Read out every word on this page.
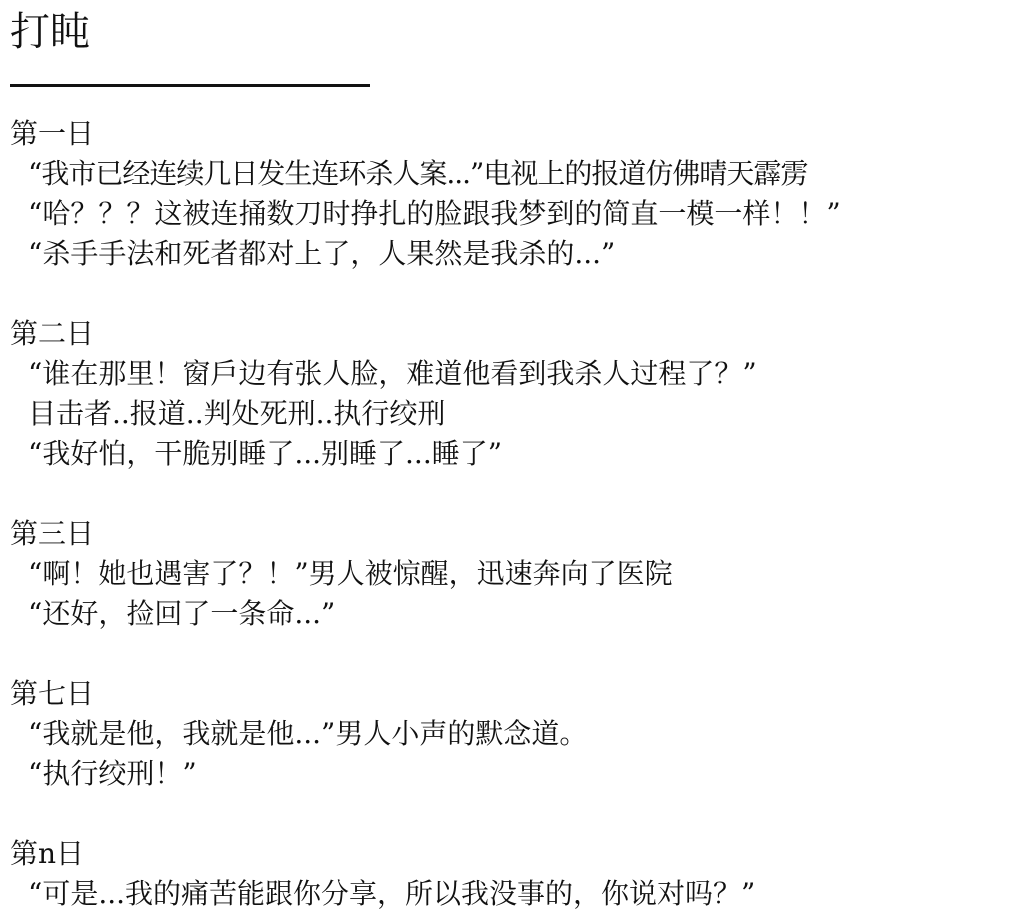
打盹

第一日

“我市已经连续几日发生连环杀人案...”电视上的报道仿佛晴天霹雳

“哈？？？这被连捅数刀时挣扎的脸跟我梦到的简直一模一样！！”

“杀手手法和死者都对上了，人果然是我杀的...”

第二日

“谁在那里！窗戶边有张人脸，难道他看到我杀人过程了？”

目击者..报道..判处死刑..执行绞刑

“我好怕，干脆别睡了...别睡了...睡了”

第三日

“啊！她也遇害了？！”男人被惊醒，迅速奔向了医院

“还好，捡回了一条命...”

第七日

“我就是他，我就是他...”男人小声的默念道。

“执行绞刑！”

第n日

“可是...我的痛苦能跟你分享，所以我没事的，你说对吗？”
